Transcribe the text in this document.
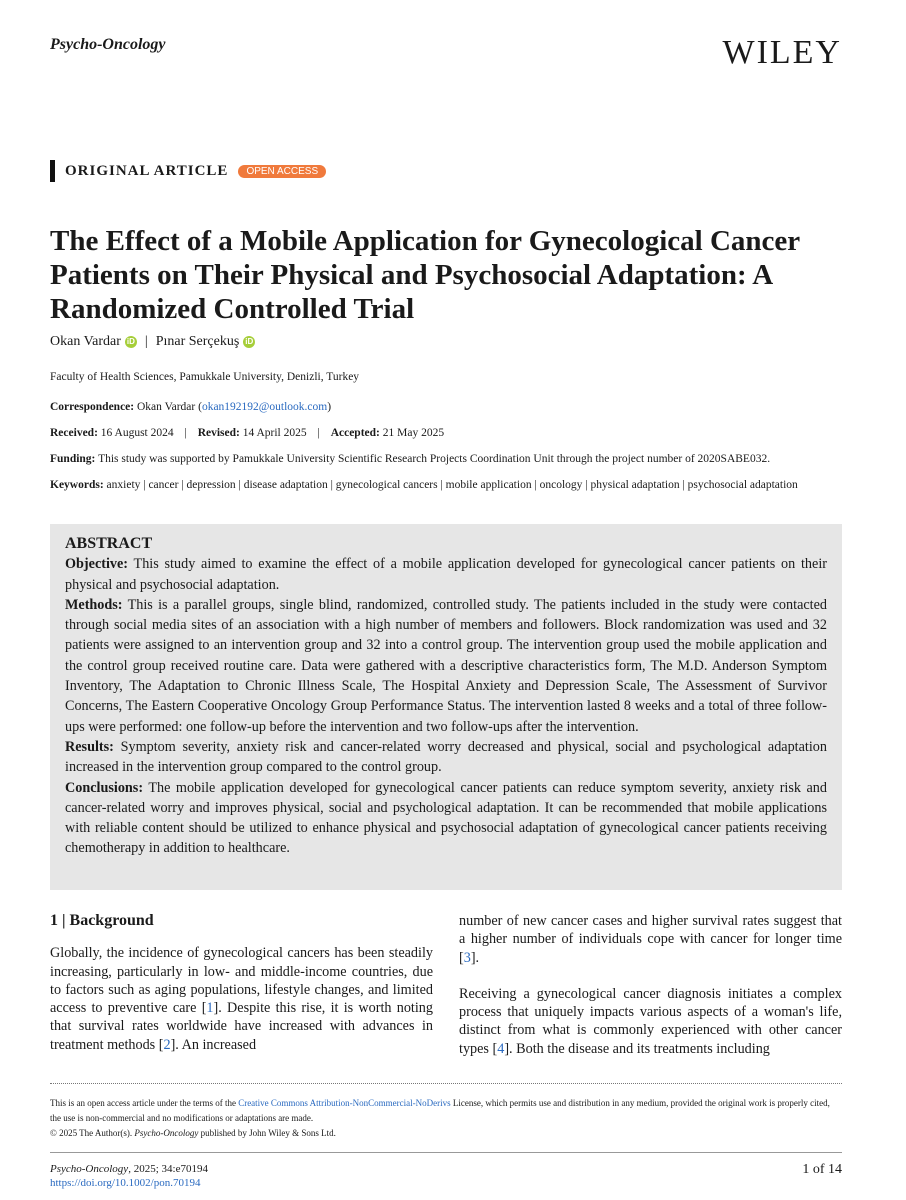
Psycho-Oncology	WILEY
ORIGINAL ARTICLE	OPEN ACCESS
The Effect of a Mobile Application for Gynecological Cancer Patients on Their Physical and Psychosocial Adaptation: A Randomized Controlled Trial
Okan Vardar iD | Pınar Serçekuş iD
Faculty of Health Sciences, Pamukkale University, Denizli, Turkey
Correspondence: Okan Vardar (okan192192@outlook.com)
Received: 16 August 2024 | Revised: 14 April 2025 | Accepted: 21 May 2025
Funding: This study was supported by Pamukkale University Scientific Research Projects Coordination Unit through the project number of 2020SABE032.
Keywords: anxiety | cancer | depression | disease adaptation | gynecological cancers | mobile application | oncology | physical adaptation | psychosocial adaptation
ABSTRACT

Objective: This study aimed to examine the effect of a mobile application developed for gynecological cancer patients on their physical and psychosocial adaptation.

Methods: This is a parallel groups, single blind, randomized, controlled study. The patients included in the study were contacted through social media sites of an association with a high number of members and followers. Block randomization was used and 32 patients were assigned to an intervention group and 32 into a control group. The intervention group used the mobile application and the control group received routine care. Data were gathered with a descriptive characteristics form, The M.D. Anderson Symptom Inventory, The Adaptation to Chronic Illness Scale, The Hospital Anxiety and Depression Scale, The Assessment of Survivor Concerns, The Eastern Cooperative Oncology Group Performance Status. The intervention lasted 8 weeks and a total of three follow-ups were performed: one follow-up before the intervention and two follow-ups after the intervention.

Results: Symptom severity, anxiety risk and cancer-related worry decreased and physical, social and psychological adaptation increased in the intervention group compared to the control group.

Conclusions: The mobile application developed for gynecological cancer patients can reduce symptom severity, anxiety risk and cancer-related worry and improves physical, social and psychological adaptation. It can be recommended that mobile applications with reliable content should be utilized to enhance physical and psychosocial adaptation of gynecological cancer patients receiving chemotherapy in addition to healthcare.

1 | Background

Globally, the incidence of gynecological cancers has been steadily increasing, particularly in low- and middle-income countries, due to factors such as aging populations, lifestyle changes, and limited access to preventive care [1]. Despite this rise, it is worth noting that survival rates worldwide have increased with advances in treatment methods [2]. An increased

number of new cancer cases and higher survival rates suggest that a higher number of individuals cope with cancer for longer time [3].

Receiving a gynecological cancer diagnosis initiates a complex process that uniquely impacts various aspects of a woman's life, distinct from what is commonly experienced with other cancer types [4]. Both the disease and its treatments including

This is an open access article under the terms of the Creative Commons Attribution-NonCommercial-NoDerivs License, which permits use and distribution in any medium, provided the original work is properly cited, the use is non-commercial and no modifications or adaptations are made.
© 2025 The Author(s). Psycho-Oncology published by John Wiley & Sons Ltd.
Psycho-Oncology, 2025; 34:e70194
https://doi.org/10.1002/pon.70194
1 of 14
